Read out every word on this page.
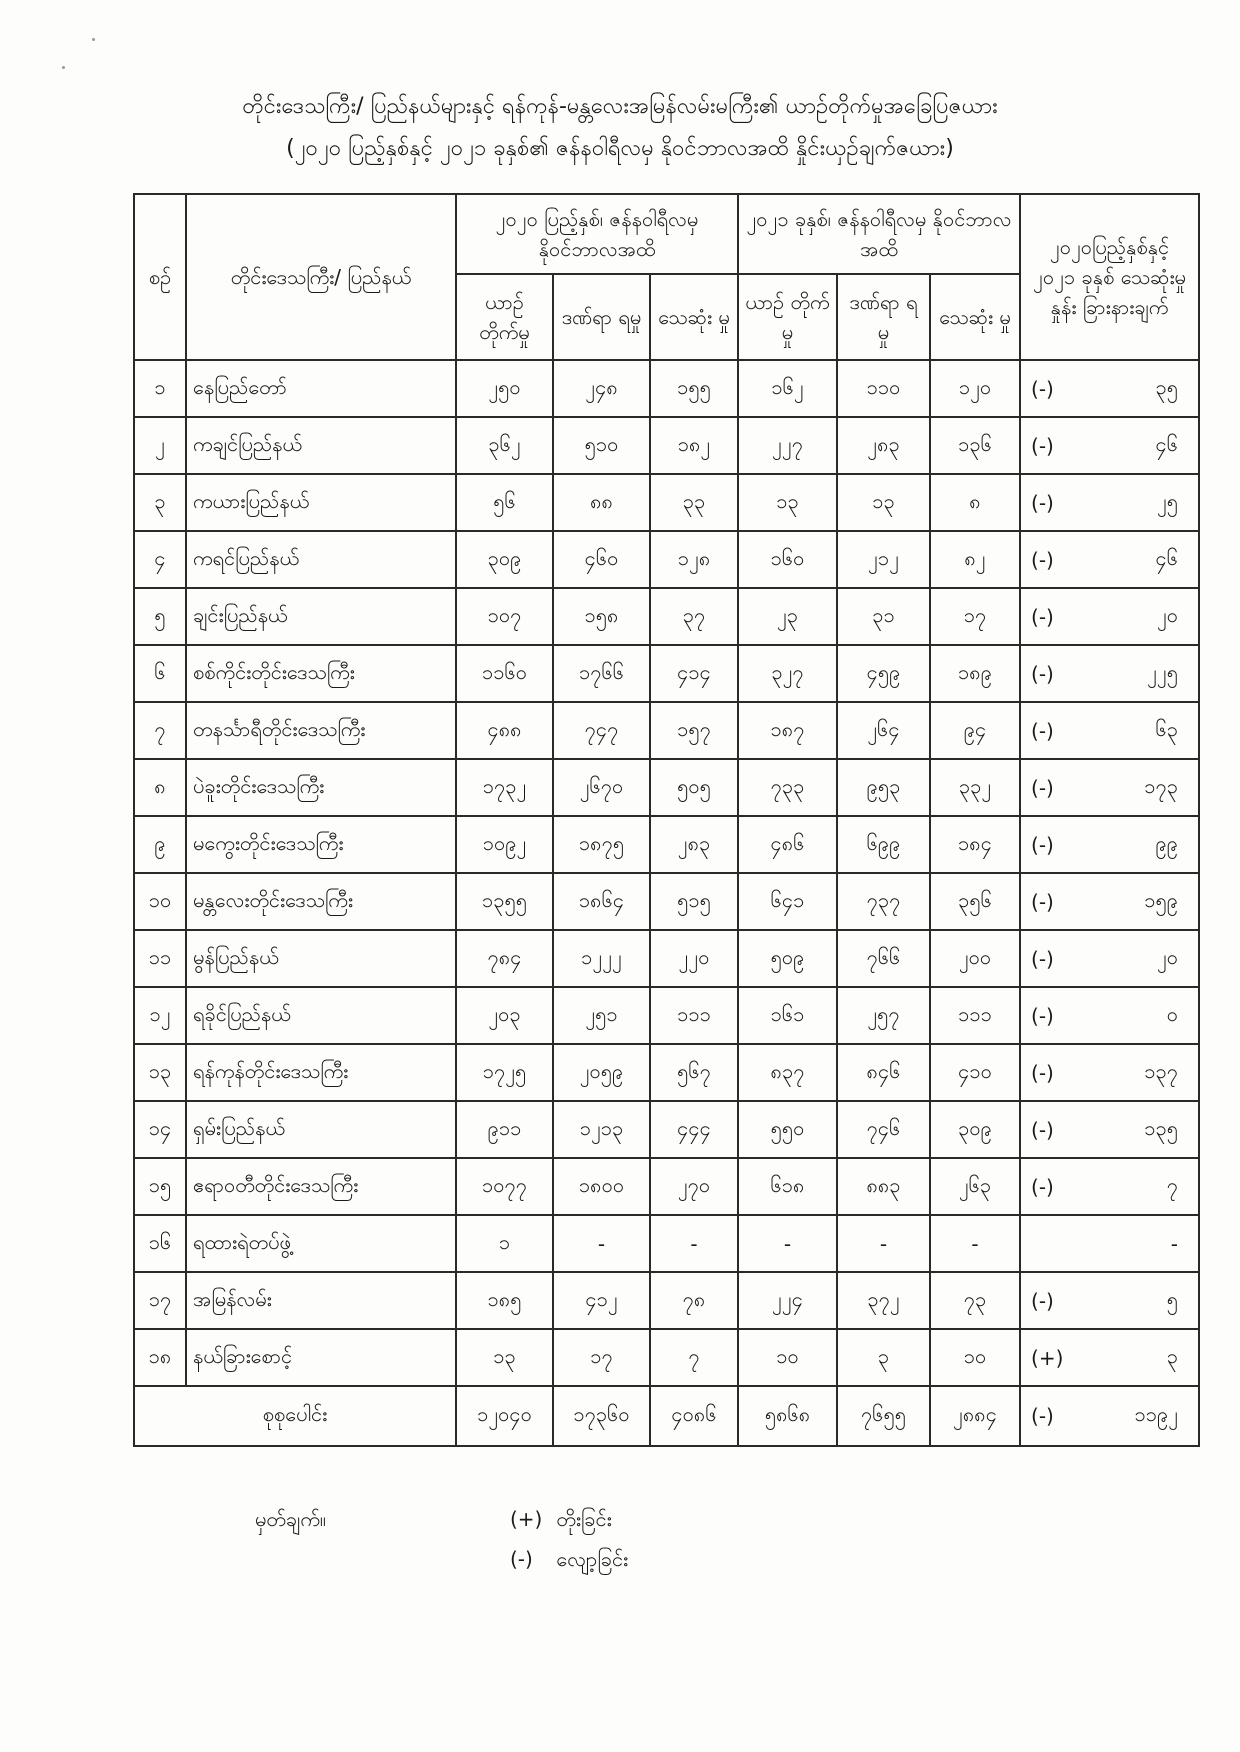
တိုင်းဒေသကြီး/ ပြည်နယ်များနှင့် ရန်ကုန်-မန္တလေးအမြန်လမ်းမကြီး၏ ယာဉ်တိုက်မှုအခြေပြဇယား
(၂၀၂၀ ပြည့်နှစ်နှင့် ၂၀၂၁ ခုနှစ်၏ ဇန်နဝါရီလမှ နိုဝင်ဘာလအထိ နှိုင်းယှဉ်ချက်ဇယား)
စဉ်	တိုင်းဒေသကြီး/ ပြည်နယ်	၂၀၂၀ ပြည့်နှစ်၊ ဇန်နဝါရီလမှ နိုဝင်ဘာလအထိ			၂၀၂၁ ခုနှစ်၊ ဇန်နဝါရီလမှ နိုဝင်ဘာလအထိ			၂၀၂၀ပြည့်နှစ်နှင့် ၂၀၂၁ ခုနှစ် သေဆုံးမှုနှုန်း ခြားနားချက်
		ယာဉ် တိုက်မှု	ဒဏ်ရာ ရမှု	သေဆုံး မှု	ယာဉ် တိုက်မှု	ဒဏ်ရာ ရမှု	သေဆုံး မှု	
၁	နေပြည်တော်	၂၅၀	၂၄၈	၁၅၅	၁၆၂	၁၁၀	၁၂၀	(-) ၃၅

၂	ကချင်ပြည်နယ်	၃၆၂	၅၁၀	၁၈၂	၂၂၇	၂၈၃	၁၃၆	(-) ၄၆

၃	ကယားပြည်နယ်	၅၆	၈၈	၃၃	၁၃	၁၃	၈	(-) ၂၅

၄	ကရင်ပြည်နယ်	၃၀၉	၄၆၀	၁၂၈	၁၆၀	၂၁၂	၈၂	(-) ၄၆

၅	ချင်းပြည်နယ်	၁၀၇	၁၅၈	၃၇	၂၃	၃၁	၁၇	(-) ၂၀

၆	စစ်ကိုင်းတိုင်းဒေသကြီး	၁၁၆၀	၁၇၆၆	၄၁၄	၃၂၇	၄၅၉	၁၈၉	(-) ၂၂၅

၇	တနင်္သာရီတိုင်းဒေသကြီး	၄၈၈	၇၄၇	၁၅၇	၁၈၇	၂၆၄	၉၄	(-) ၆၃

၈	ပဲခူးတိုင်းဒေသကြီး	၁၇၃၂	၂၆၇၀	၅၀၅	၇၃၃	၉၅၃	၃၃၂	(-) ၁၇၃

၉	မကွေးတိုင်းဒေသကြီး	၁၀၉၂	၁၈၇၅	၂၈၃	၄၈၆	၆၉၉	၁၈၄	(-) ၉၉

၁၀	မန္တလေးတိုင်းဒေသကြီး	၁၃၅၅	၁၈၆၄	၅၁၅	၆၄၁	၇၃၇	၃၅၆	(-) ၁၅၉

၁၁	မွန်ပြည်နယ်	၇၈၄	၁၂၂၂	၂၂၀	၅၀၉	၇၆၆	၂၀၀	(-) ၂၀

၁၂	ရခိုင်ပြည်နယ်	၂၀၃	၂၅၁	၁၁၁	၁၆၁	၂၅၇	၁၁၁	(-) ၀

၁၃	ရန်ကုန်တိုင်းဒေသကြီး	၁၇၂၅	၂၀၅၉	၅၆၇	၈၃၇	၈၄၆	၄၁၀	(-) ၁၃၇

၁၄	ရှမ်းပြည်နယ်	၉၁၁	၁၂၁၃	၄၄၄	၅၅၀	၇၄၆	၃၀၉	(-) ၁၃၅

၁၅	ဧရာဝတီတိုင်းဒေသကြီး	၁၀၇၇	၁၈၀၀	၂၇၀	၆၁၈	၈၈၃	၂၆၃	(-) ၇

၁၆	ရထားရဲတပ်ဖွဲ့	၁	-	-	-	-	-	-

၁၇	အမြန်လမ်း	၁၈၅	၄၁၂	၇၈	၂၂၄	၃၇၂	၇၃	(-) ၅

၁၈	နယ်ခြားစောင့်	၁၃	၁၇	၇	၁၀	၃	၁၀	(+) ၃

စုစုပေါင်း		၁၂၀၄၀	၁၇၃၆၀	၄၀၈၆	၅၈၆၈	၇၆၅၅	၂၈၈၄	(-) ၁၁၉၂
မှတ်ချက်။	(+) တိုးခြင်း
(-) လျော့ခြင်း
